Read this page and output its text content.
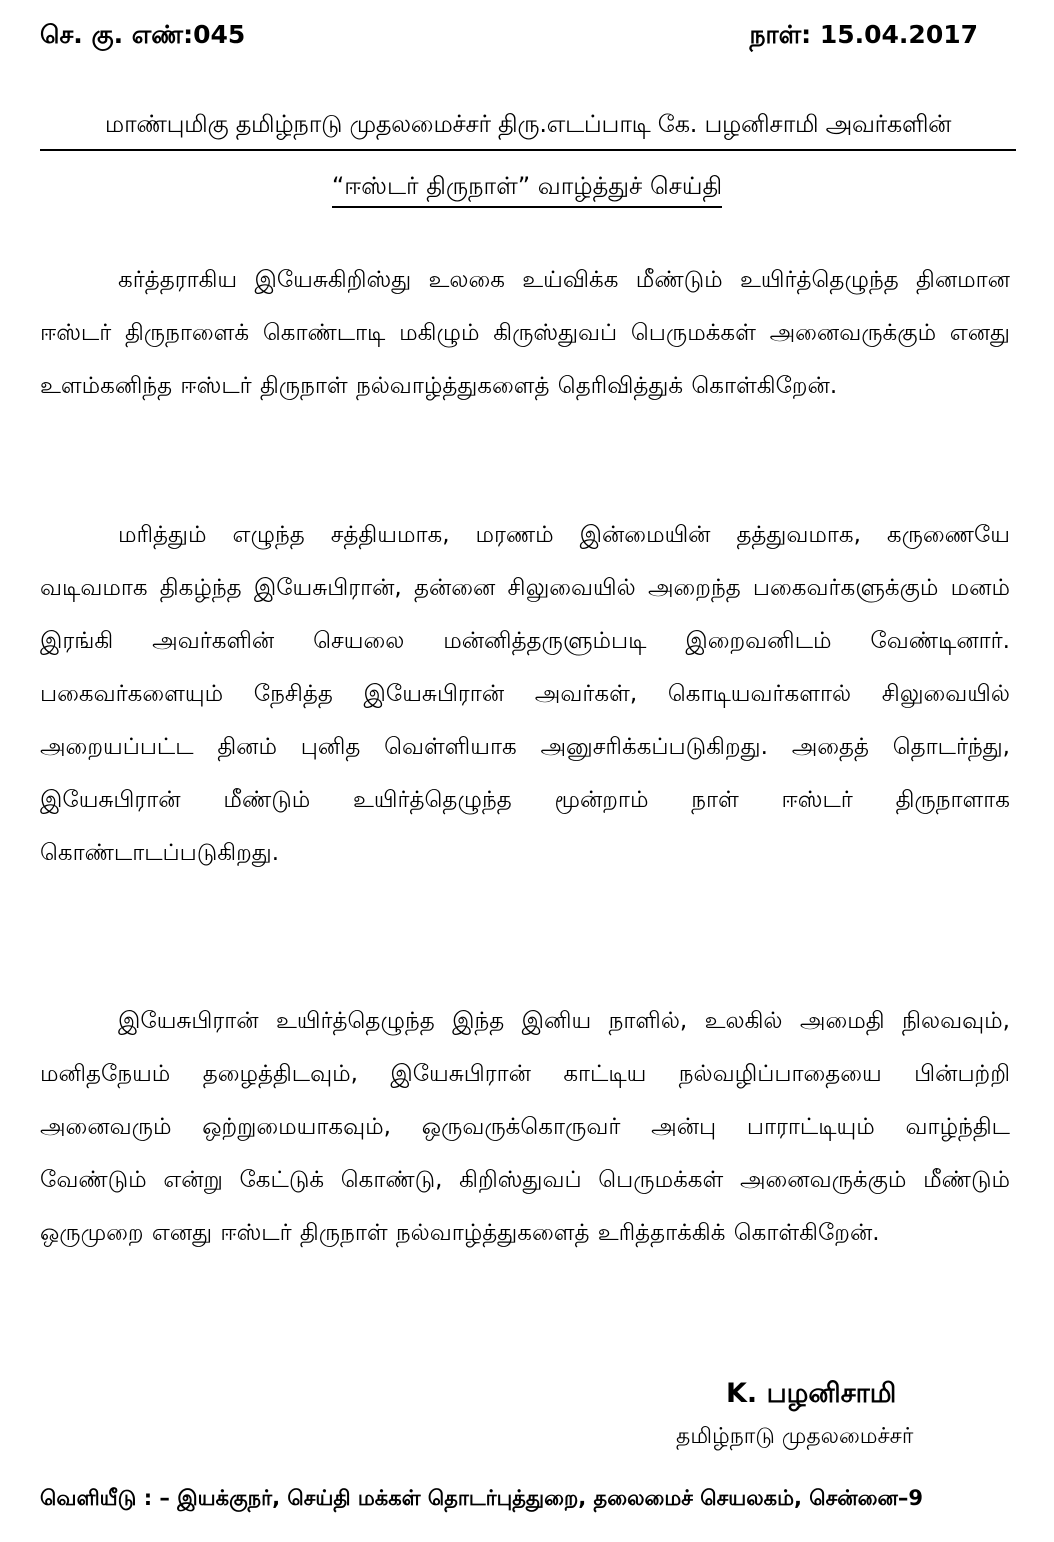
செ. கு. எண்:045	நாள்: 15.04.2017
மாண்புமிகு தமிழ்நாடு முதலமைச்சர் திரு.எடப்பாடி கே. பழனிசாமி அவர்களின்
“ஈஸ்டர் திருநாள்” வாழ்த்துச் செய்தி

கர்த்தராகிய இயேசுகிறிஸ்து உலகை உய்விக்க மீண்டும் உயிர்த்தெழுந்த தினமான ஈஸ்டர் திருநாளைக் கொண்டாடி மகிழும் கிருஸ்துவப் பெருமக்கள் அனைவருக்கும் எனது உளம்கனிந்த ஈஸ்டர் திருநாள் நல்வாழ்த்துகளைத் தெரிவித்துக் கொள்கிறேன்.

மரித்தும் எழுந்த சத்தியமாக, மரணம் இன்மையின் தத்துவமாக, கருணையே வடிவமாக திகழ்ந்த இயேசுபிரான், தன்னை சிலுவையில் அறைந்த பகைவர்களுக்கும் மனம் இரங்கி அவர்களின் செயலை மன்னித்தருளும்படி இறைவனிடம் வேண்டினார். பகைவர்களையும் நேசித்த இயேசுபிரான் அவர்கள், கொடியவர்களால் சிலுவையில் அறையப்பட்ட தினம் புனித வெள்ளியாக அனுசரிக்கப்படுகிறது. அதைத் தொடர்ந்து, இயேசுபிரான் மீண்டும் உயிர்த்தெழுந்த மூன்றாம் நாள் ஈஸ்டர் திருநாளாக கொண்டாடப்படுகிறது.

இயேசுபிரான் உயிர்த்தெழுந்த இந்த இனிய நாளில், உலகில் அமைதி நிலவவும், மனிதநேயம் தழைத்திடவும், இயேசுபிரான் காட்டிய நல்வழிப்பாதையை பின்பற்றி அனைவரும் ஒற்றுமையாகவும், ஒருவருக்கொருவர் அன்பு பாராட்டியும் வாழ்ந்திட வேண்டும் என்று கேட்டுக் கொண்டு, கிறிஸ்துவப் பெருமக்கள் அனைவருக்கும் மீண்டும் ஒருமுறை எனது ஈஸ்டர் திருநாள் நல்வாழ்த்துகளைத் உரித்தாக்கிக் கொள்கிறேன்.

K. பழனிசாமி
தமிழ்நாடு முதலமைச்சர்
வெளியீடு : – இயக்குநர், செய்தி மக்கள் தொடர்புத்துறை, தலைமைச் செயலகம், சென்னை–9
